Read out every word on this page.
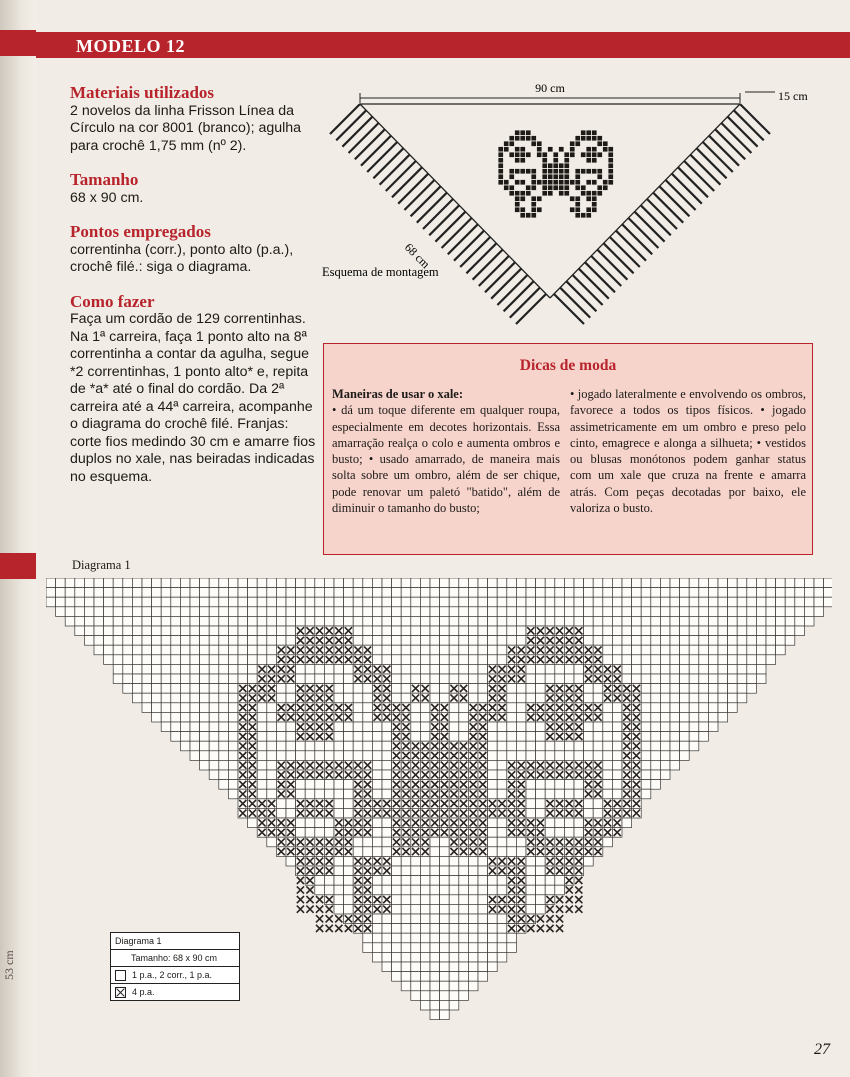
53 cm
MODELO 12
Materiais utilizados

2 novelos da linha Frisson Línea da Círculo na cor 8001 (branco); agulha para crochê 1,75 mm (nº 2).

Tamanho

68 x 90 cm.

Pontos empregados

correntinha (corr.), ponto alto (p.a.), crochê filé.: siga o diagrama.

Como fazer

Faça um cordão de 129 correntinhas. Na 1ª carreira, faça 1 ponto alto na 8ª correntinha a contar da agulha, segue *2 correntinhas, 1 ponto alto* e, repita de *a* até o final do cordão. Da 2ª carreira até a 44ª carreira, acompanhe o diagrama do crochê filé. Franjas: corte fios medindo 30 cm e amarre fios duplos no xale, nas beiradas indicadas no esquema.

90 cm
15 cm
68 cm
Esquema de montagem
Dicas de moda
Maneiras de usar o xale:
• dá um toque diferente em qualquer roupa, especialmente em decotes horizontais. Essa amarração realça o colo e aumenta ombros e busto; • usado amarrado, de maneira mais solta sobre um ombro, além de ser chique, pode renovar um paletó "batido", além de diminuir o tamanho do busto;
• jogado lateralmente e envolvendo os ombros, favorece a todos os tipos físicos. • jogado assimetricamente em um ombro e preso pelo cinto, emagrece e alonga a silhueta; • vestidos ou blusas monótonos podem ganhar status com um xale que cruza na frente e amarra atrás. Com peças decotadas por baixo, ele valoriza o busto.
Diagrama 1
Diagrama 1
Tamanho: 68 x 90 cm
1 p.a., 2 corr., 1 p.a.
4 p.a.
27
